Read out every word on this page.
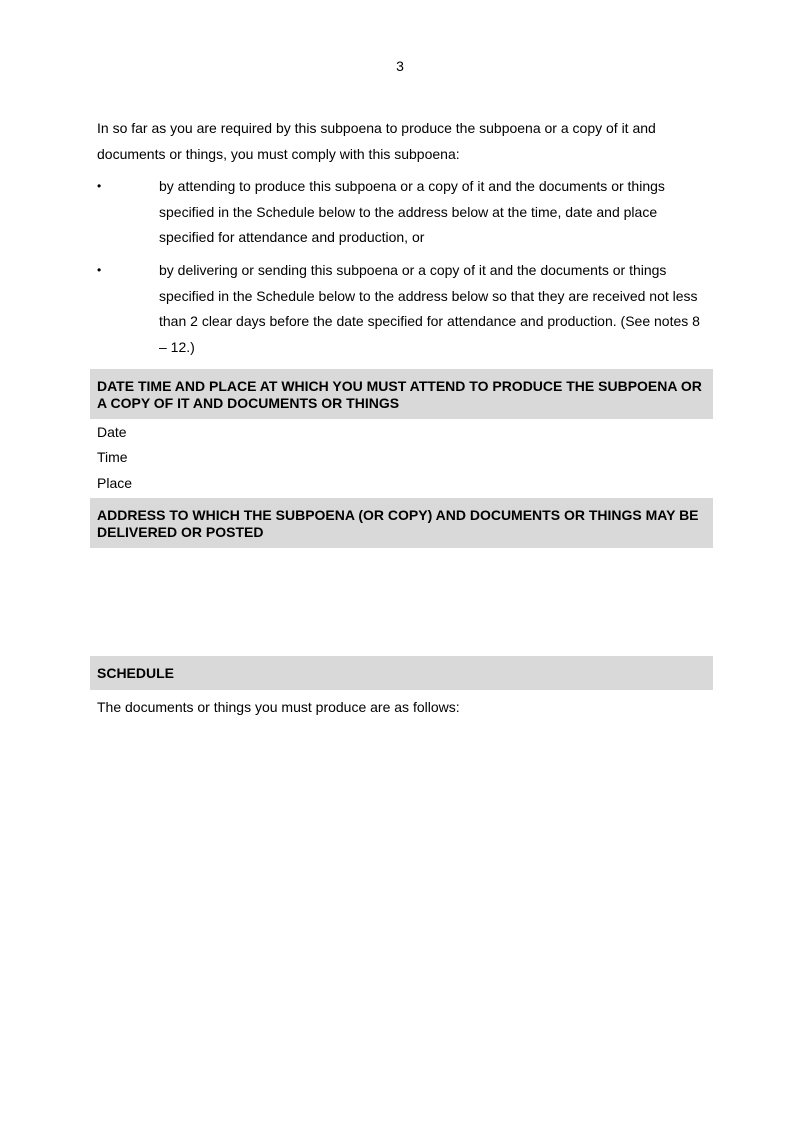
3
In so far as you are required by this subpoena to produce the subpoena or a copy of it and documents or things, you must comply with this subpoena:
•	by attending to produce this subpoena or a copy of it and the documents or things specified in the Schedule below to the address below at the time, date and place specified for attendance and production, or
•	by delivering or sending this subpoena or a copy of it and the documents or things specified in the Schedule below to the address below so that they are received not less than 2 clear days before the date specified for attendance and production. (See notes 8 – 12.)
DATE TIME AND PLACE AT WHICH YOU MUST ATTEND TO PRODUCE THE SUBPOENA OR A COPY OF IT AND DOCUMENTS OR THINGS
Date
Time
Place
ADDRESS TO WHICH THE SUBPOENA (OR COPY) AND DOCUMENTS OR THINGS MAY BE DELIVERED OR POSTED
SCHEDULE
The documents or things you must produce are as follows:
